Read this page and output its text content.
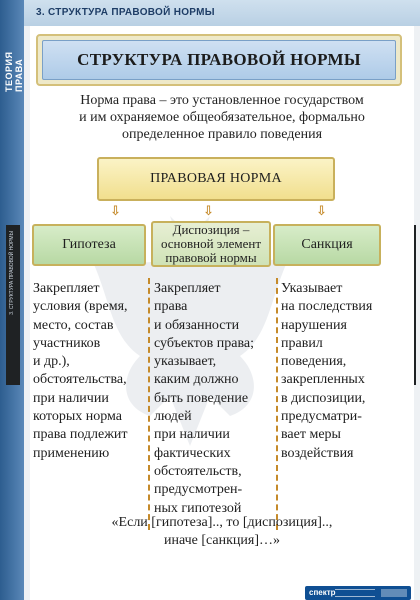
3. СТРУКТУРА ПРАВОВОЙ НОРМЫ
ТЕОРИЯ ПРАВА
3. СТРУКТУРА ПРАВОВОЙ НОРМЫ
СТРУКТУРА ПРАВОВОЙ НОРМЫ
Норма права – это установленное государством
и им охраняемое общеобязательное, формально
определенное правило поведения
ПРАВОВАЯ НОРМА
⇩	⇩	⇩
Гипотеза
Диспозиция –
основной элемент
правовой нормы
Санкция
Закрепляет
условия (время,
место, состав
участников
и др.),
обстоятельства,
при наличии
которых норма
права подлежит
применению
Закрепляет
права
и обязанности
субъектов права;
указывает,
каким должно
быть поведение
людей
при наличии
фактических
обстоятельств,
предусмотрен-
ных гипотезой
Указывает
на последствия
нарушения
правил
поведения,
закрепленных
в диспозиции,
предусматри-
вает меры
воздействия
«Если [гипотеза].., то [диспозиция]..,
иначе [санкция]…»
спектр
